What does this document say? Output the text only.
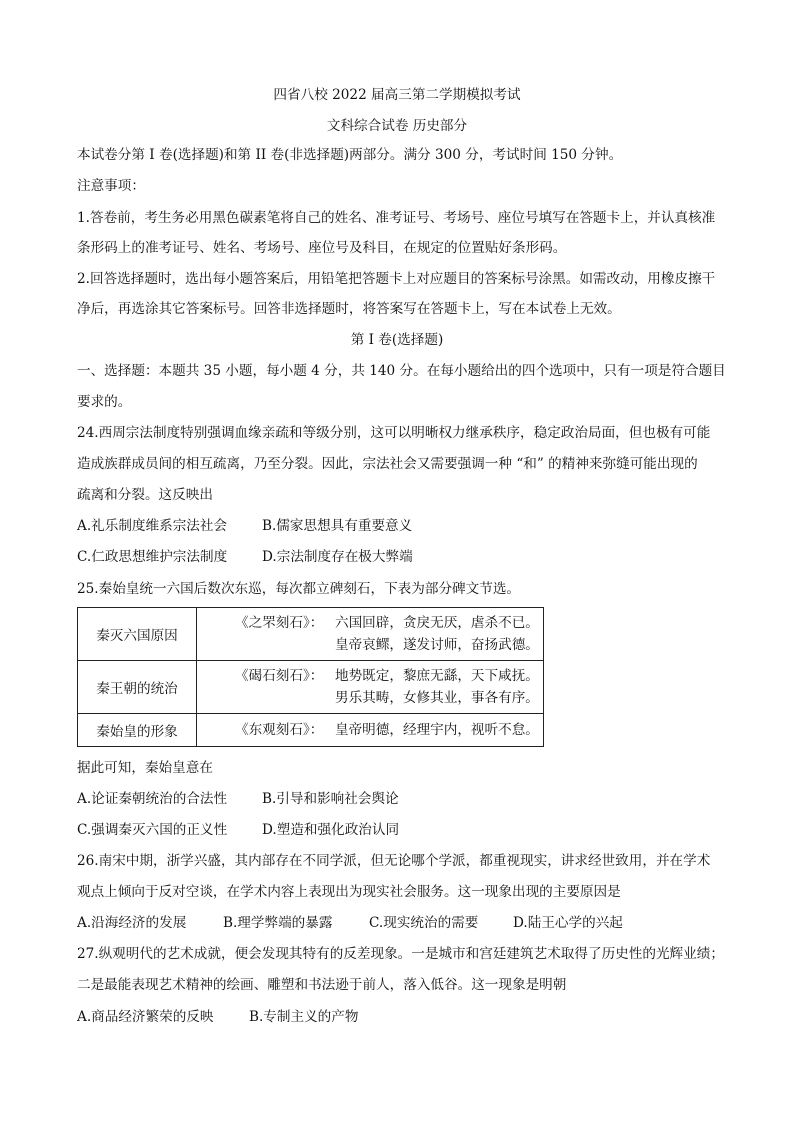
四省八校 2022 届高三第二学期模拟考试
文科综合试卷 历史部分
本试卷分第 I 卷(选择题)和第 II 卷(非选择题)两部分。满分 300 分，考试时间 150 分钟。
注意事项：
1.答卷前，考生务必用黑色碳素笔将自己的姓名、准考证号、考场号、座位号填写在答题卡上，并认真核准
条形码上的准考证号、姓名、考场号、座位号及科目，在规定的位置贴好条形码。
2.回答选择题时，选出每小题答案后，用铅笔把答题卡上对应题目的答案标号涂黑。如需改动，用橡皮擦干
净后，再选涂其它答案标号。回答非选择题时，将答案写在答题卡上，写在本试卷上无效。
第 I 卷(选择题)
一、选择题：本题共 35 小题，每小题 4 分，共 140 分。在每小题给出的四个选项中，只有一项是符合题目
要求的。
24.西周宗法制度特别强调血缘亲疏和等级分别，这可以明晰权力继承秩序，稳定政治局面，但也极有可能
造成族群成员间的相互疏离，乃至分裂。因此，宗法社会又需要强调一种 “和” 的精神来弥缝可能出现的
疏离和分裂。这反映出
A.礼乐制度维系宗法社会	B.儒家思想具有重要意义
C.仁政思想维护宗法制度	D.宗法制度存在极大弊端
25.秦始皇统一六国后数次东巡，每次都立碑刻石，下表为部分碑文节选。
秦灭六国原因	《之罘刻石》： 六国回辟，贪戾无厌，虐杀不已。
皇帝哀鳏，遂发讨师，奋扬武德。

秦王朝的统治	《碣石刻石》： 地势既定，黎庶无繇，天下咸抚。
男乐其畴，女修其业，事各有序。

秦始皇的形象	《东观刻石》： 皇帝明德，经理宇内，视听不怠。
据此可知，秦始皇意在
A.论证秦朝统治的合法性	B.引导和影响社会舆论
C.强调秦灭六国的正义性	D.塑造和强化政治认同
26.南宋中期，浙学兴盛，其内部存在不同学派，但无论哪个学派，都重视现实，讲求经世致用，并在学术
观点上倾向于反对空谈，在学术内容上表现出为现实社会服务。这一现象出现的主要原因是
A.沿海经济的发展	B.理学弊端的暴露	C.现实统治的需要	D.陆王心学的兴起
27.纵观明代的艺术成就，便会发现其特有的反差现象。一是城市和宫廷建筑艺术取得了历史性的光辉业绩；
二是最能表现艺术精神的绘画、雕塑和书法逊于前人，落入低谷。这一现象是明朝
A.商品经济繁荣的反映	B.专制主义的产物
